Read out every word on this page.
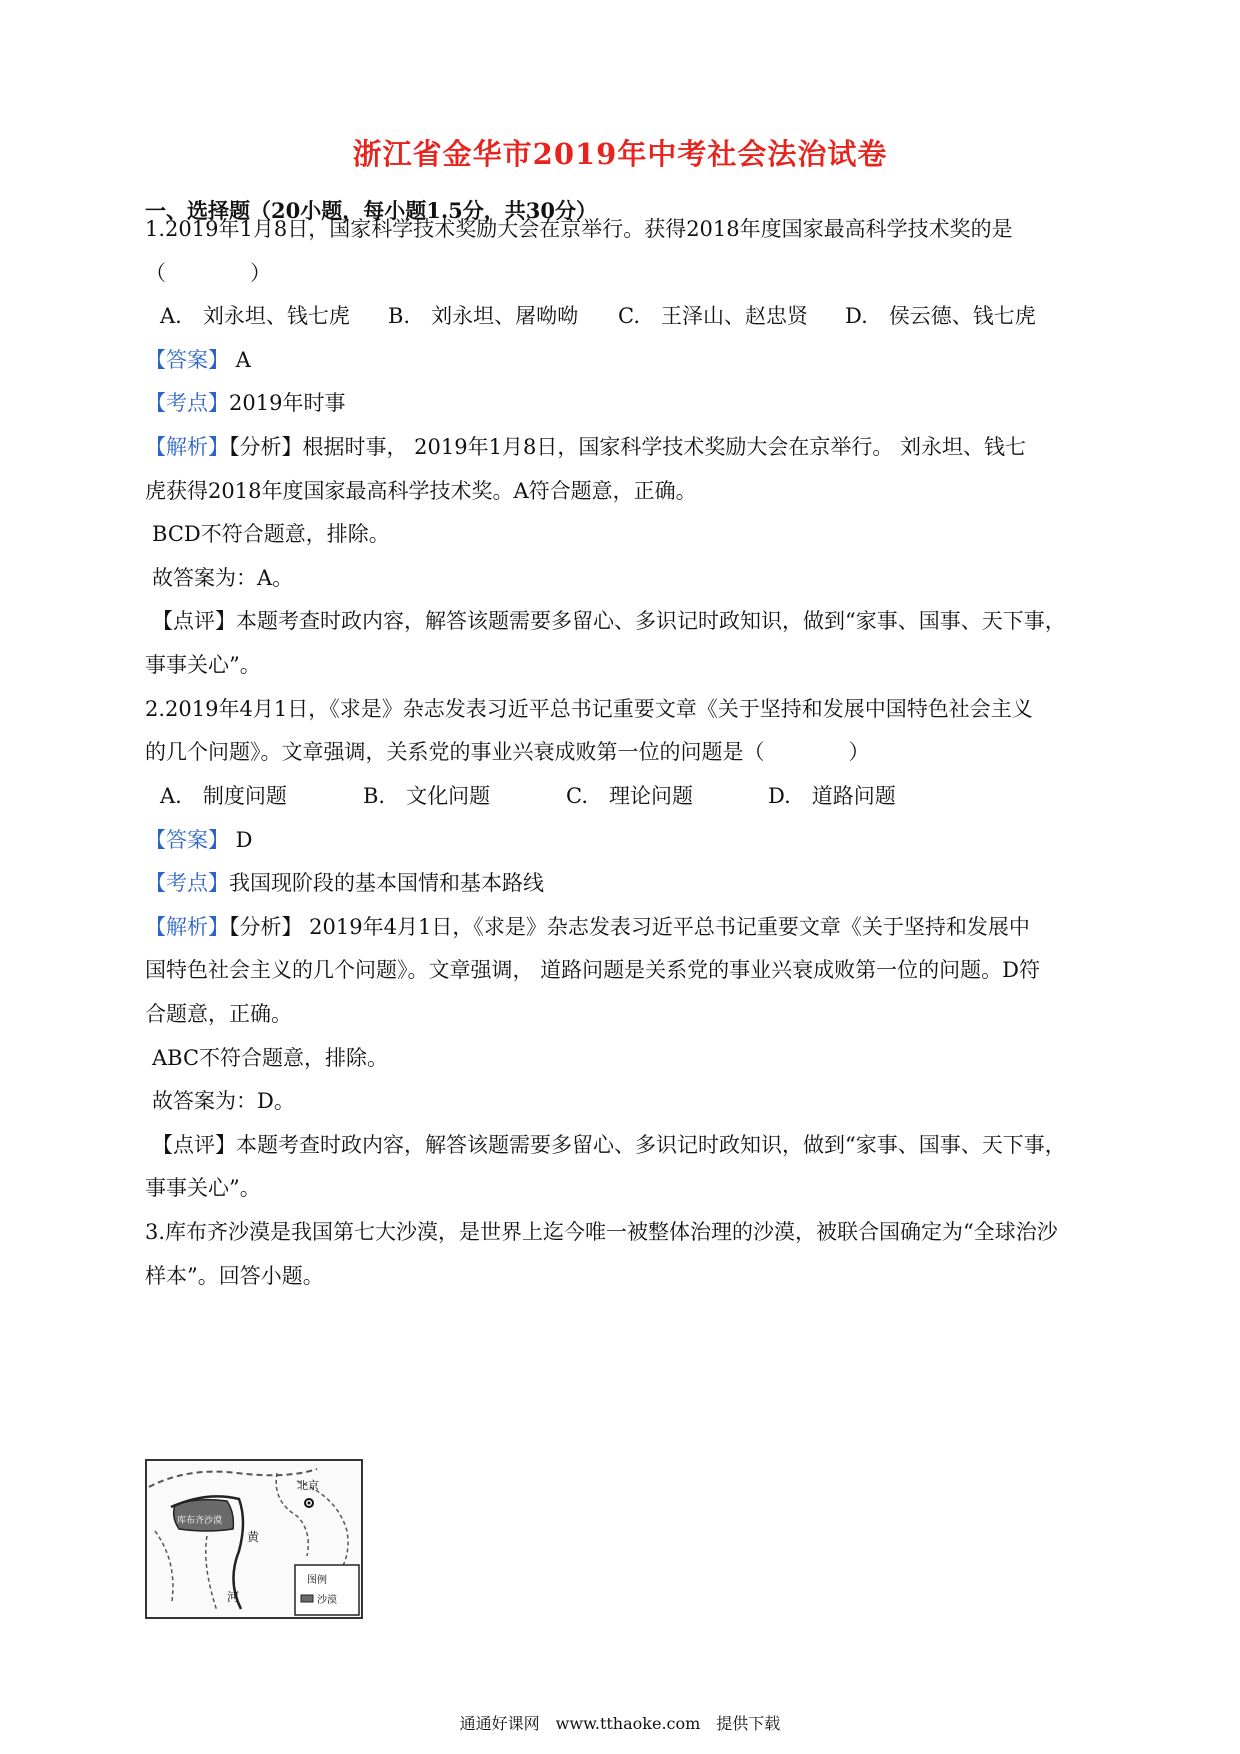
浙江省金华市2019年中考社会法治试卷
一、选择题（20小题，每小题1.5分，共30分）
1.2019年1月8日，国家科学技术奖励大会在京举行。获得2018年度国家最高科学技术奖的是
（　　　　）
A.　刘永坦、钱七虎 B.　刘永坦、屠呦呦 C.　王泽山、赵忠贤 D.　侯云德、钱七虎
【答案】 A
【考点】2019年时事
【解析】【分析】根据时事， 2019年1月8日，国家科学技术奖励大会在京举行。 刘永坦、钱七
虎获得2018年度国家最高科学技术奖。A符合题意，正确。
BCD不符合题意，排除。
故答案为：A。
【点评】本题考查时政内容，解答该题需要多留心、多识记时政知识，做到“家事、国事、天下事，
事事关心”。
2.2019年4月1日，《求是》杂志发表习近平总书记重要文章《关于坚持和发展中国特色社会主义
的几个问题》。文章强调，关系党的事业兴衰成败第一位的问题是（　　　　）
A.　制度问题	B.　文化问题	C.　理论问题	D.　道路问题
【答案】 D
【考点】我国现阶段的基本国情和基本路线
【解析】【分析】 2019年4月1日，《求是》杂志发表习近平总书记重要文章《关于坚持和发展中
国特色社会主义的几个问题》。文章强调， 道路问题是关系党的事业兴衰成败第一位的问题。D符
合题意，正确。
ABC不符合题意，排除。
故答案为：D。
【点评】本题考查时政内容，解答该题需要多留心、多识记时政知识，做到“家事、国事、天下事，
事事关心”。
3.库布齐沙漠是我国第七大沙漠，是世界上迄今唯一被整体治理的沙漠，被联合国确定为“全球治沙
样本”。回答小题。
北京
库布齐沙漠
黄
河
图例
沙漠
通通好课网　www.tthaoke.com　提供下载
